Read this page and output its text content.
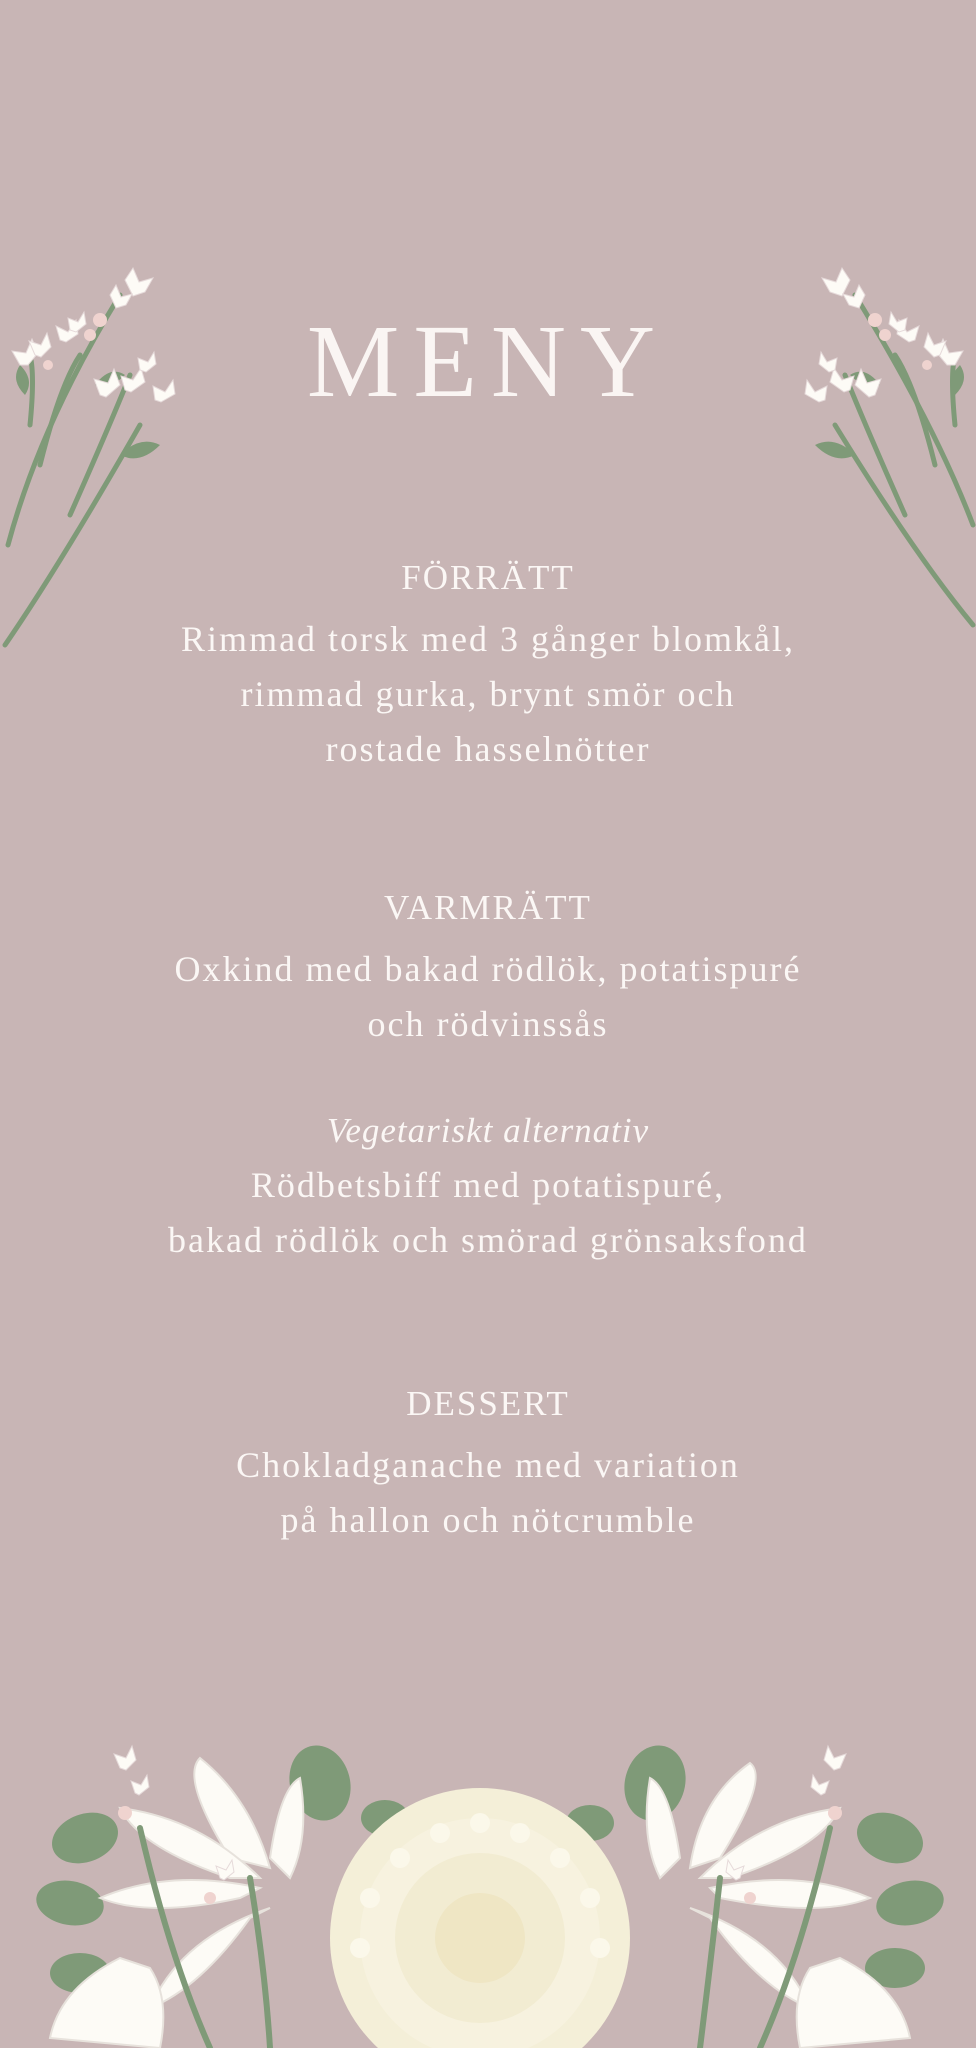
MENY
FÖRRÄTT
Rimmad torsk med 3 gånger blomkål,
rimmad gurka, brynt smör och
rostade hasselnötter
VARMRÄTT
Oxkind med bakad rödlök, potatispuré
och rödvinssås
Vegetariskt alternativ
Rödbetsbiff med potatispuré,
bakad rödlök och smörad grönsaksfond
DESSERT
Chokladganache med variation
på hallon och nötcrumble
